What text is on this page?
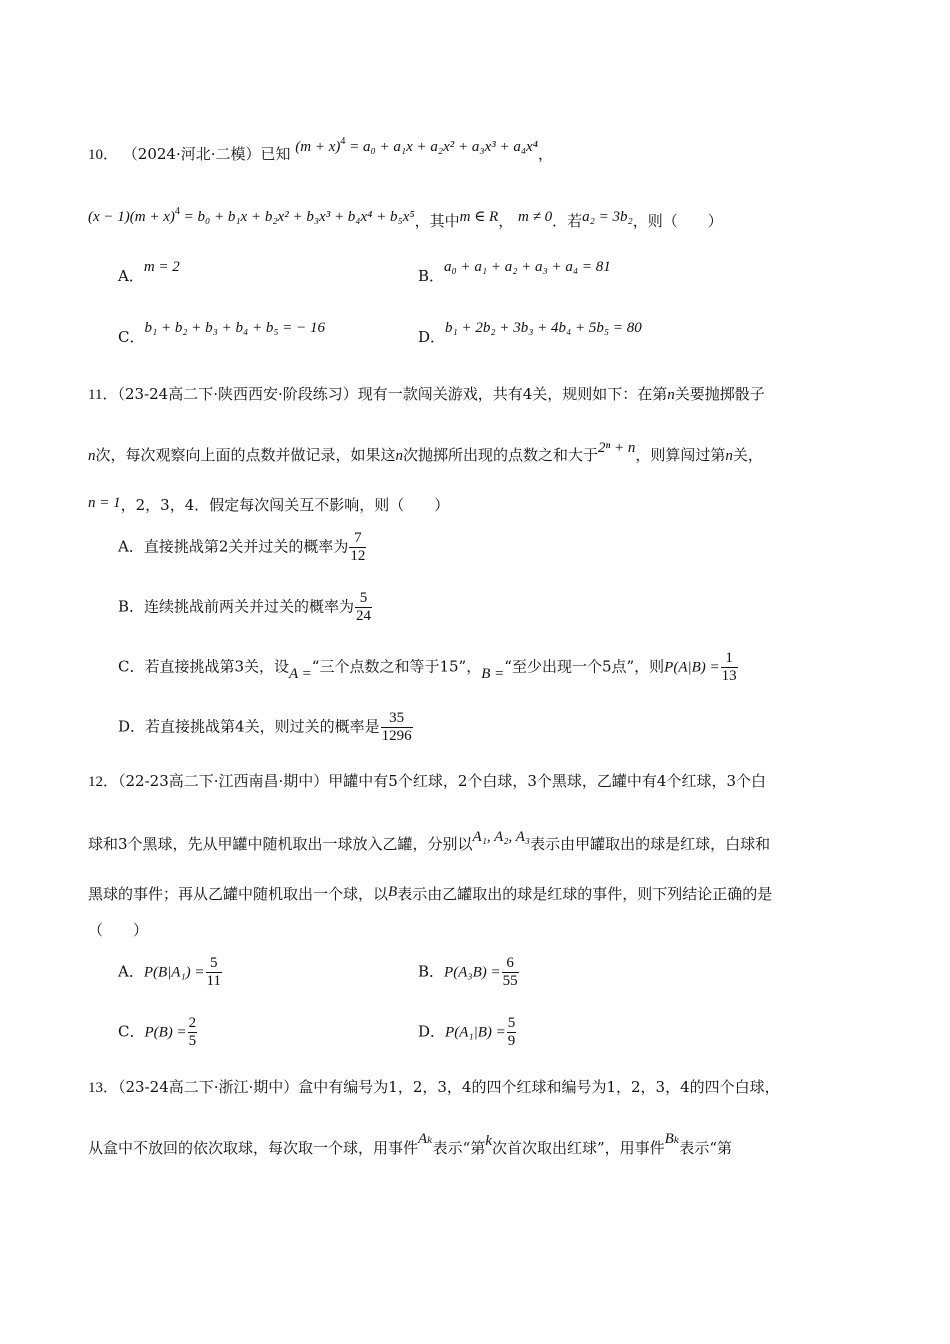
10． （2024·河北·二模）已知 $(m + x)^4 = a_0 + a_1x + a_2x^2 + a_3x^3 + a_4x^4$，
$(x - 1)(m + x)^4 = b_0 + b_1x + b_2x^2 + b_3x^3 + b_4x^4 + b_5x^5$，其中m ∈ R， m ≠ 0．若a₂ = 3b₂，则（　　）
A．m = 2	B．a₀ + a₁ + a₂ + a₃ + a₄ = 81
C．b₁ + b₂ + b₃ + b₄ + b₅ = − 16	D．b₁ + 2b₂ + 3b₃ + 4b₄ + 5b₅ = 80
11．（23-24高二下·陕西西安·阶段练习）现有一款闯关游戏，共有4关，规则如下：在第n关要抛掷骰子
n次，每次观察向上面的点数并做记录，如果这n次抛掷所出现的点数之和大于2ⁿ + n，则算闯过第n关，
n = 1，2，3，4．假定每次闯关互不影响，则（　　）
A．直接挑战第2关并过关的概率为 $\frac{7}{12}$
B．连续挑战前两关并过关的概率为 $\frac{5}{24}$
C．若直接挑战第3关，设A =“三个点数之和等于15”，B =“至少出现一个5点”，则$P(A|B) = \frac{1}{13}$
D．若直接挑战第4关，则过关的概率是 $\frac{35}{1296}$
12．（22-23高二下·江西南昌·期中）甲罐中有5个红球，2个白球，3个黑球，乙罐中有4个红球，3个白
球和3个黑球，先从甲罐中随机取出一球放入乙罐，分别以A₁, A₂, A₃表示由甲罐取出的球是红球，白球和
黑球的事件；再从乙罐中随机取出一个球，以B表示由乙罐取出的球是红球的事件，则下列结论正确的是
（　　）
A．$P(B|A_1) = \frac{5}{11}$	B．$P(A_3B) = \frac{6}{55}$
C．$P(B) = \frac{2}{5}$	D．$P(A_1|B) = \frac{5}{9}$
13．（23-24高二下·浙江·期中）盒中有编号为1，2，3，4的四个红球和编号为1，2，3，4的四个白球，
从盒中不放回的依次取球，每次取一个球，用事件Aₖ表示“第k次首次取出红球”，用事件Bₖ表示“第
